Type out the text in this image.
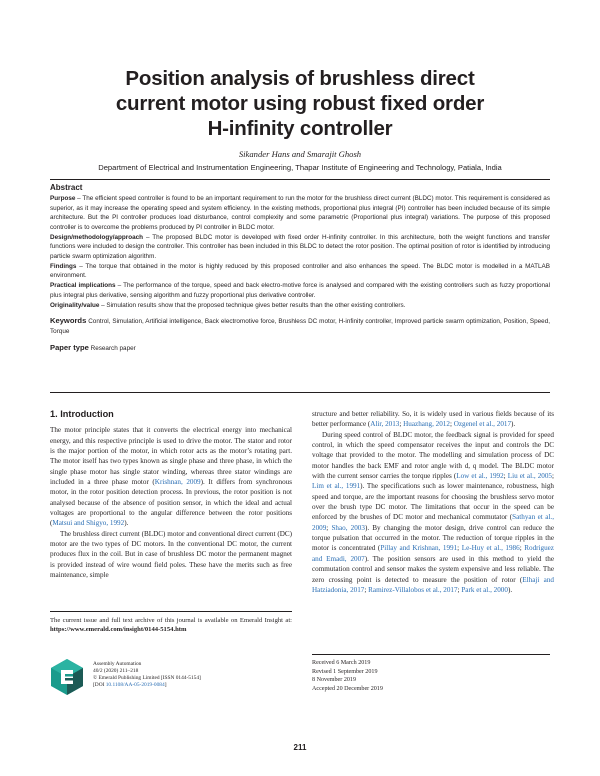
Position analysis of brushless direct
current motor using robust fixed order
H-infinity controller
Sikander Hans and Smarajit Ghosh
Department of Electrical and Instrumentation Engineering, Thapar Institute of Engineering and Technology, Patiala, India
Abstract

Purpose – The efficient speed controller is found to be an important requirement to run the motor for the brushless direct current (BLDC) motor. This requirement is considered as superior, as it may increase the operating speed and system efficiency. In the existing methods, proportional plus integral (PI) controller has been included because of its simple architecture. But the PI controller produces load disturbance, control complexity and some parametric (Proportional plus integral) variations. The purpose of this proposed controller is to overcome the problems produced by PI controller in BLDC motor.

Design/methodology/approach – The proposed BLDC motor is developed with fixed order H-infinity controller. In this architecture, both the weight functions and transfer functions were included to design the controller. This controller has been included in this BLDC to detect the rotor position. The optimal position of rotor is identified by introducing particle swarm optimization algorithm.

Findings – The torque that obtained in the motor is highly reduced by this proposed controller and also enhances the speed. The BLDC motor is modelled in a MATLAB environment.

Practical implications – The performance of the torque, speed and back electro-motive force is analysed and compared with the existing controllers such as fuzzy proportional plus integral plus derivative, sensing algorithm and fuzzy proportional plus derivative controller.

Originality/value – Simulation results show that the proposed technique gives better results than the other existing controllers.

Keywords Control, Simulation, Artificial intelligence, Back electromotive force, Brushless DC motor, H-infinity controller, Improved particle swarm optimization, Position, Speed, Torque

Paper type Research paper

1. Introduction

The motor principle states that it converts the electrical energy into mechanical energy, and this respective principle is used to drive the motor. The stator and rotor is the major portion of the motor, in which rotor acts as the motor’s rotating part. The motor itself has two types known as single phase and three phase, in which the single phase motor has single stator winding, whereas three stator windings are included in a three phase motor (Krishnan, 2009). It differs from synchronous motor, in the rotor position detection process. In previous, the rotor position is not analysed because of the absence of position sensor, in which the ideal and actual voltages are proportional to the angular difference between the rotor positions (Matsui and Shigyo, 1992).

The brushless direct current (BLDC) motor and conventional direct current (DC) motor are the two types of DC motors. In the conventional DC motor, the current produces flux in the coil. But in case of brushless DC motor the permanent magnet is provided instead of wire wound field poles. These have the merits such as free maintenance, simple

structure and better reliability. So, it is widely used in various fields because of its better performance (Alir, 2013; Huazhang, 2012; Ozgenel et al., 2017).

During speed control of BLDC motor, the feedback signal is provided for speed control, in which the speed compensator receives the input and controls the DC voltage that provided to the motor. The modelling and simulation process of DC motor handles the back EMF and rotor angle with d, q model. The BLDC motor with the current sensor carries the torque ripples (Low et al., 1992; Liu et al., 2005; Lim et al., 1991). The specifications such as lower maintenance, robustness, high speed and torque, are the important reasons for choosing the brushless servo motor over the brush type DC motor. The limitations that occur in the speed can be enforced by the brushes of DC motor and mechanical commutator (Sathyan et al., 2009; Shao, 2003). By changing the motor design, drive control can reduce the torque pulsation that occurred in the motor. The reduction of torque ripples in the motor is concentrated (Pillay and Krishnan, 1991; Le-Huy et al., 1986; Rodriguez and Emadi, 2007). The position sensors are used in this method to yield the commutation control and sensor makes the system expensive and less reliable. The zero crossing point is detected to measure the position of rotor (Elhaji and Hatziadonia, 2017; Ramirez-Villalobos et al., 2017; Park et al., 2000).

The current issue and full text archive of this journal is available on Emerald Insight at: https://www.emerald.com/insight/0144-5154.htm
Assembly Automation
40/2 (2020) 211–218
© Emerald Publishing Limited [ISSN 0144-5154]
[DOI 10.1108/AA-05-2019-0084]
Received 6 March 2019
Revised 1 September 2019
8 November 2019
Accepted 20 December 2019
211
